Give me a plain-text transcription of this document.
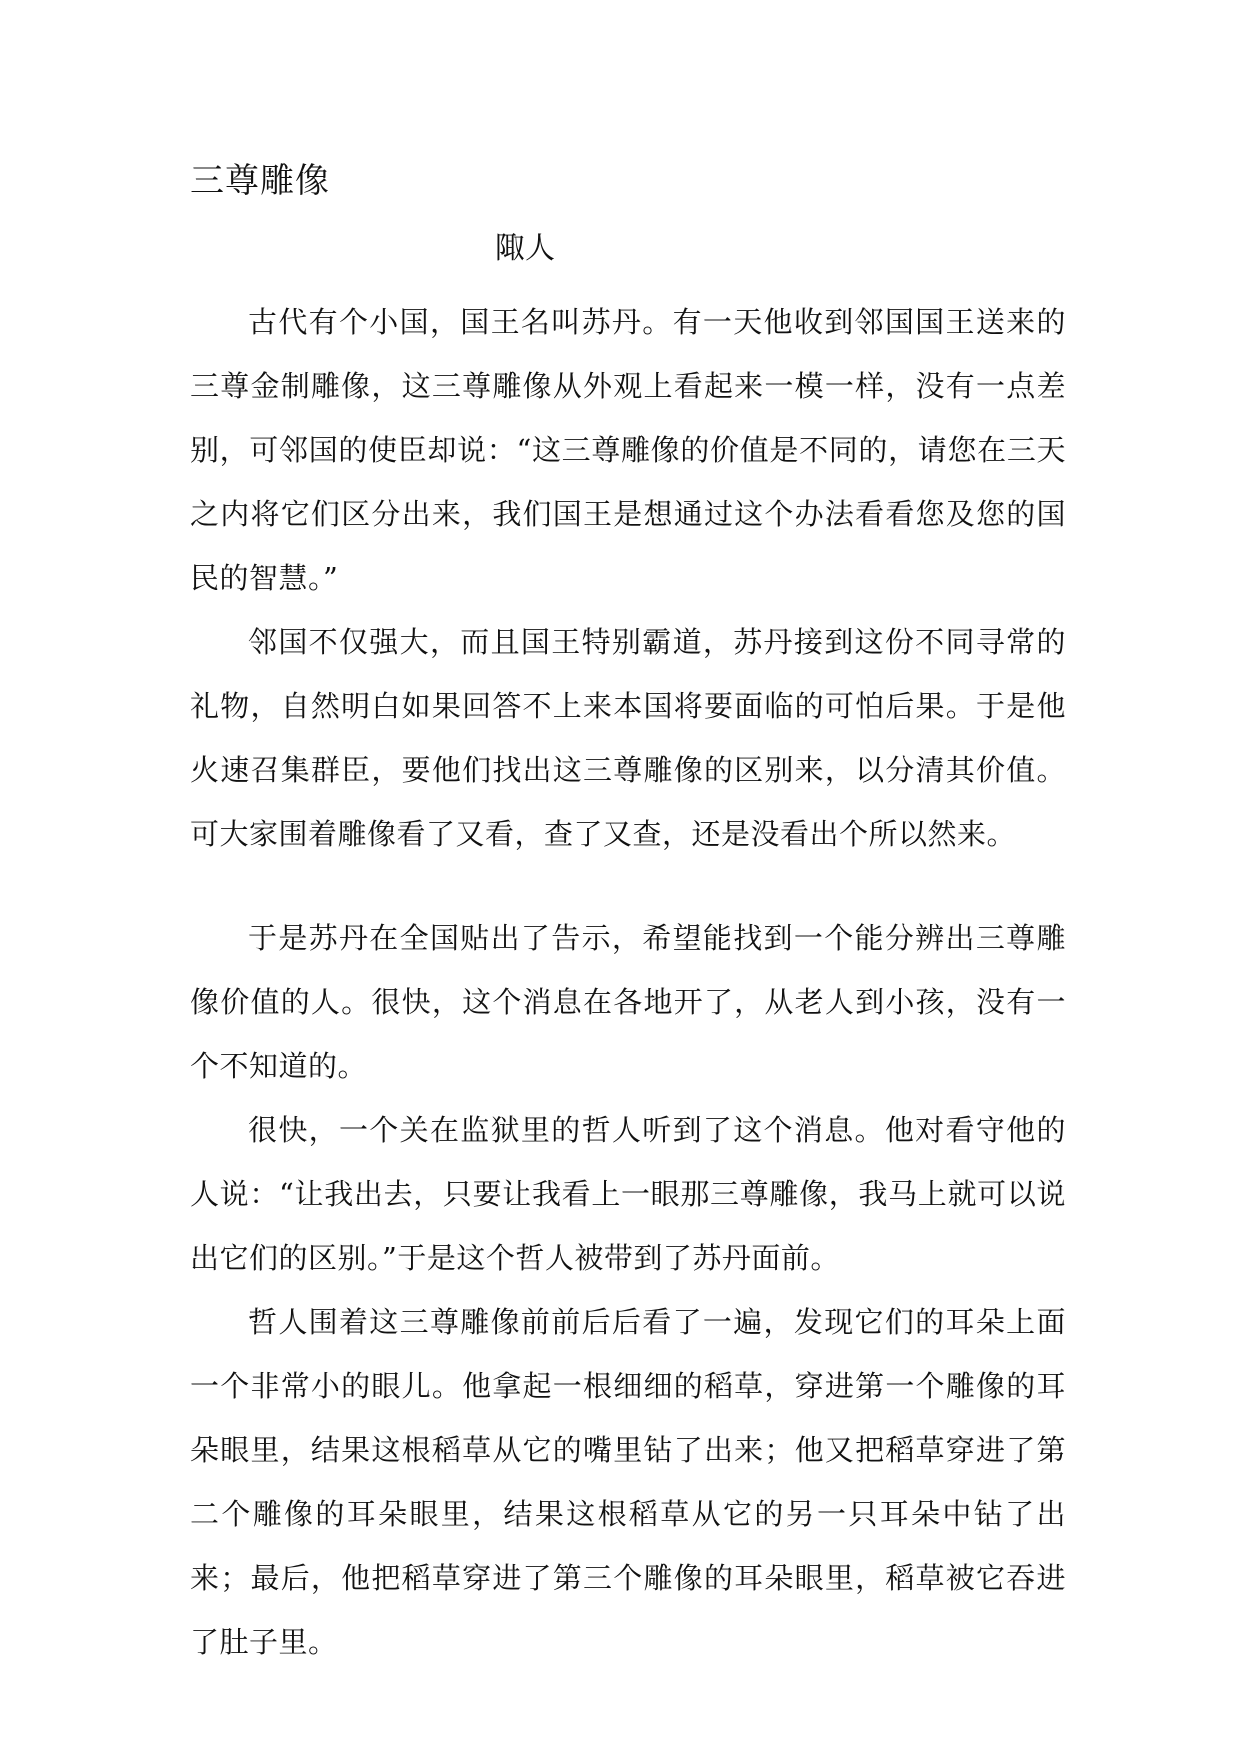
三尊雕像

陬人

古代有个小国，国王名叫苏丹。有一天他收到邻国国王送来的三尊金制雕像，这三尊雕像从外观上看起来一模一样，没有一点差别，可邻国的使臣却说：“这三尊雕像的价值是不同的，请您在三天之内将它们区分出来，我们国王是想通过这个办法看看您及您的国民的智慧。”

邻国不仅强大，而且国王特别霸道，苏丹接到这份不同寻常的礼物，自然明白如果回答不上来本国将要面临的可怕后果。于是他火速召集群臣，要他们找出这三尊雕像的区别来，以分清其价值。可大家围着雕像看了又看，查了又查，还是没看出个所以然来。

于是苏丹在全国贴出了告示，希望能找到一个能分辨出三尊雕像价值的人。很快，这个消息在各地开了，从老人到小孩，没有一个不知道的。

很快，一个关在监狱里的哲人听到了这个消息。他对看守他的人说：“让我出去，只要让我看上一眼那三尊雕像，我马上就可以说出它们的区别。”于是这个哲人被带到了苏丹面前。

哲人围着这三尊雕像前前后后看了一遍，发现它们的耳朵上面一个非常小的眼儿。他拿起一根细细的稻草，穿进第一个雕像的耳朵眼里，结果这根稻草从它的嘴里钻了出来；他又把稻草穿进了第二个雕像的耳朵眼里，结果这根稻草从它的另一只耳朵中钻了出来；最后，他把稻草穿进了第三个雕像的耳朵眼里，稻草被它吞进了肚子里。
